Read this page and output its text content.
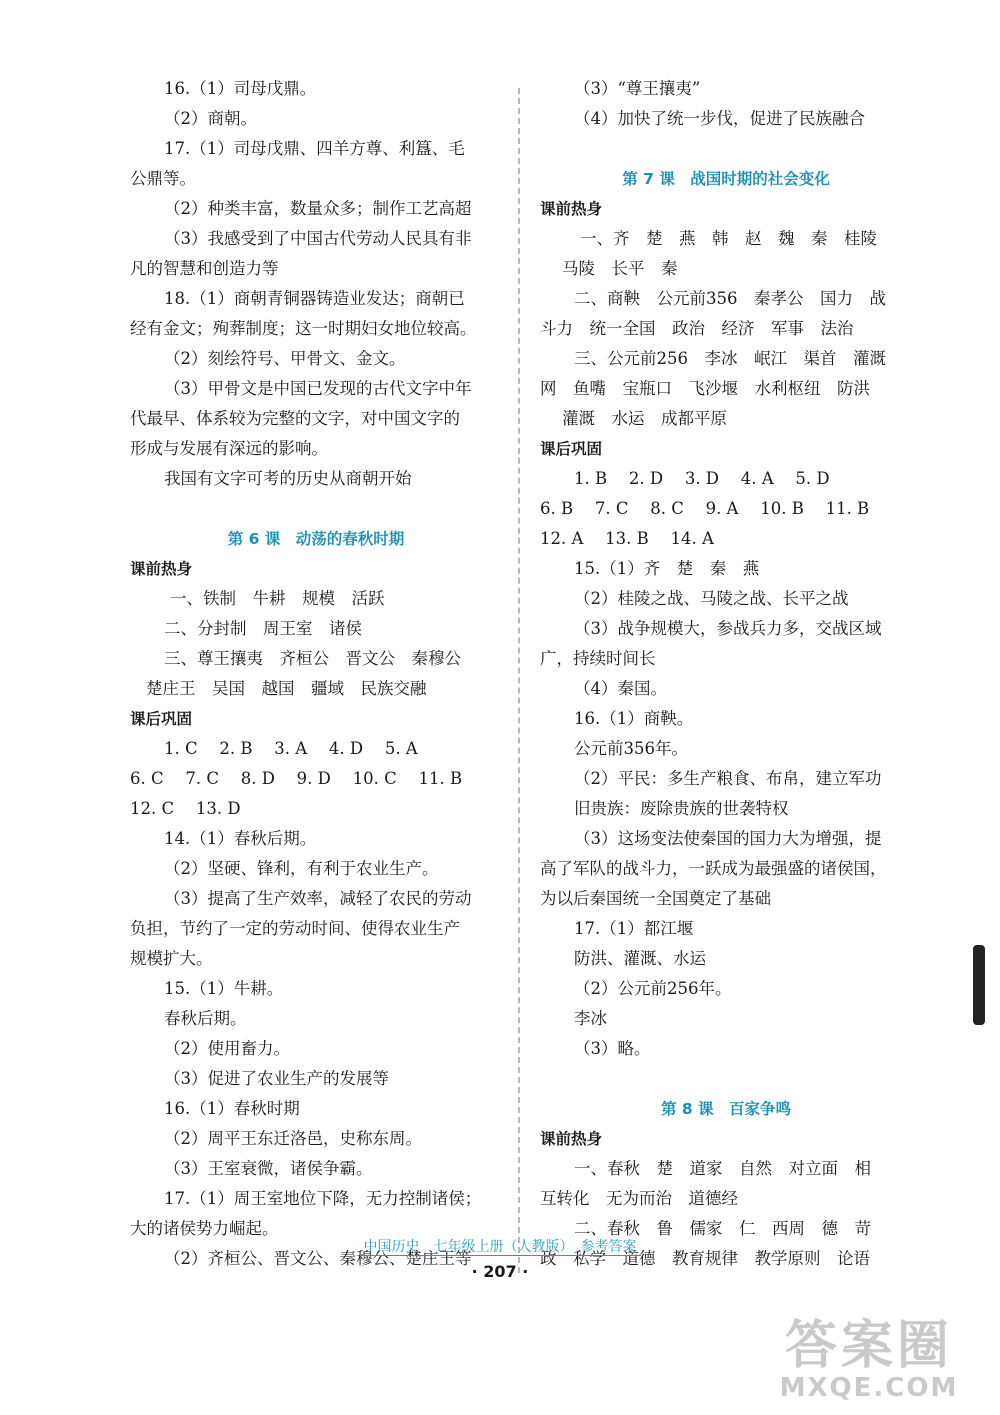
16.（1）司母戊鼎。
（2）商朝。
17.（1）司母戊鼎、四羊方尊、利簋、毛
公鼎等。
（2）种类丰富，数量众多；制作工艺高超
（3）我感受到了中国古代劳动人民具有非
凡的智慧和创造力等
18.（1）商朝青铜器铸造业发达；商朝已
经有金文；殉葬制度；这一时期妇女地位较高。
（2）刻绘符号、甲骨文、金文。
（3）甲骨文是中国已发现的古代文字中年
代最早、体系较为完整的文字，对中国文字的
形成与发展有深远的影响。
我国有文字可考的历史从商朝开始
第 6 课　动荡的春秋时期
课前热身
一、铁制　牛耕　规模　活跃
二、分封制　周王室　诸侯
三、尊王攘夷　齐桓公　晋文公　秦穆公
楚庄王　吴国　越国　疆域　民族交融
课后巩固
1. C　 2. B　 3. A　 4. D　 5. A
6. C　 7. C　 8. D　 9. D　 10. C　 11. B
12. C　 13. D
14.（1）春秋后期。
（2）坚硬、锋利，有利于农业生产。
（3）提高了生产效率，减轻了农民的劳动
负担，节约了一定的劳动时间、使得农业生产
规模扩大。
15.（1）牛耕。
春秋后期。
（2）使用畜力。
（3）促进了农业生产的发展等
16.（1）春秋时期
（2）周平王东迁洛邑，史称东周。
（3）王室衰微，诸侯争霸。
17.（1）周王室地位下降，无力控制诸侯；
大的诸侯势力崛起。
（2）齐桓公、晋文公、秦穆公、楚庄王等
（3）“尊王攘夷”
（4）加快了统一步伐，促进了民族融合
第 7 课　战国时期的社会变化
课前热身
一、齐　楚　燕　韩　赵　魏　秦　桂陵
马陵　长平　秦
二、商鞅　公元前356　秦孝公　国力　战
斗力　统一全国　政治　经济　军事　法治
三、公元前256　李冰　岷江　渠首　灌溉
网　鱼嘴　宝瓶口　飞沙堰　水利枢纽　防洪
灌溉　水运　成都平原
课后巩固
1. B　 2. D　 3. D　 4. A　 5. D
6. B　 7. C　 8. C　 9. A　 10. B　 11. B
12. A　 13. B　 14. A
15.（1）齐　楚　秦　燕
（2）桂陵之战、马陵之战、长平之战
（3）战争规模大，参战兵力多，交战区域
广，持续时间长
（4）秦国。
16.（1）商鞅。
公元前356年。
（2）平民：多生产粮食、布帛，建立军功
旧贵族：废除贵族的世袭特权
（3）这场变法使秦国的国力大为增强，提
高了军队的战斗力，一跃成为最强盛的诸侯国，
为以后秦国统一全国奠定了基础
17.（1）都江堰
防洪、灌溉、水运
（2）公元前256年。
李冰
（3）略。
第 8 课　百家争鸣
课前热身
一、春秋　楚　道家　自然　对立面　相
互转化　无为而治　道德经
二、春秋　鲁　儒家　仁　西周　德　苛
政　私学　道德　教育规律　教学原则　论语
中国历史　七年级上册（人教版）　参考答案
· 207 ·
答案圈
MXQE.COM
